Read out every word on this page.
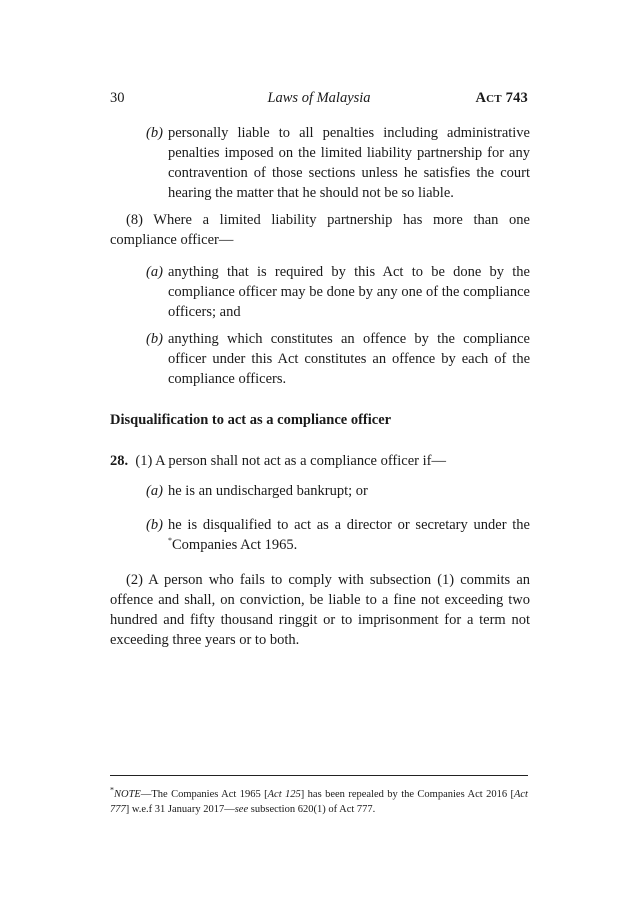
30	Laws of Malaysia	ACT 743
(b) personally liable to all penalties including administrative penalties imposed on the limited liability partnership for any contravention of those sections unless he satisfies the court hearing the matter that he should not be so liable.
(8) Where a limited liability partnership has more than one compliance officer—
(a) anything that is required by this Act to be done by the compliance officer may be done by any one of the compliance officers; and
(b) anything which constitutes an offence by the compliance officer under this Act constitutes an offence by each of the compliance officers.
Disqualification to act as a compliance officer
28. (1) A person shall not act as a compliance officer if—
(a) he is an undischarged bankrupt; or
(b) he is disqualified to act as a director or secretary under the *Companies Act 1965.
(2) A person who fails to comply with subsection (1) commits an offence and shall, on conviction, be liable to a fine not exceeding two hundred and fifty thousand ringgit or to imprisonment for a term not exceeding three years or to both.
*NOTE—The Companies Act 1965 [Act 125] has been repealed by the Companies Act 2016 [Act 777] w.e.f 31 January 2017—see subsection 620(1) of Act 777.
